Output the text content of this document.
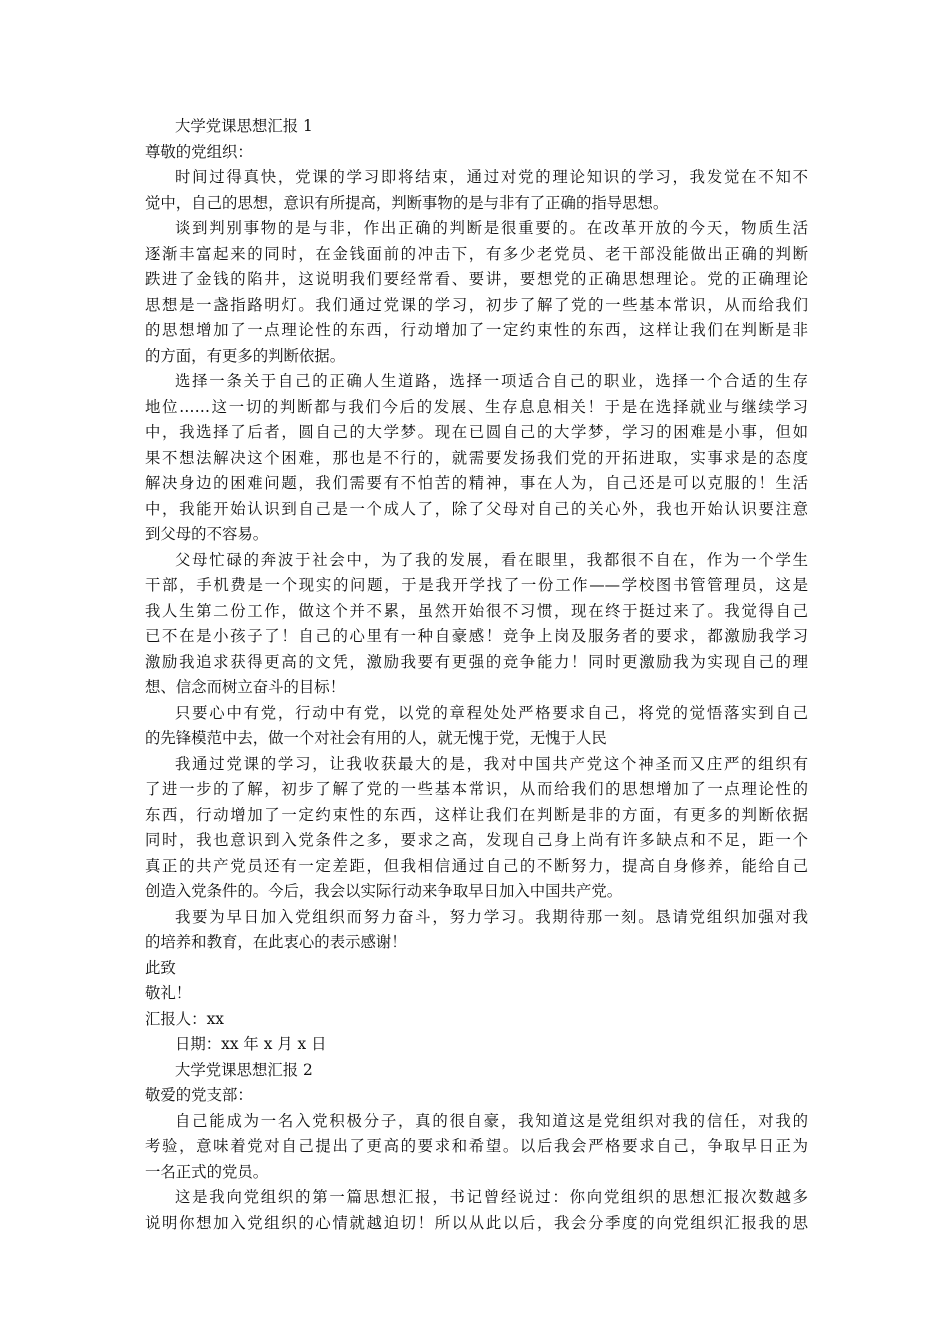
大学党课思想汇报 1
尊敬的党组织：
时间过得真快，党课的学习即将结束，通过对党的理论知识的学习，我发觉在不知不
觉中，自己的思想，意识有所提高，判断事物的是与非有了正确的指导思想。
谈到判别事物的是与非，作出正确的判断是很重要的。在改革开放的今天，物质生活
逐渐丰富起来的同时，在金钱面前的冲击下，有多少老党员、老干部没能做出正确的判断
跌进了金钱的陷井，这说明我们要经常看、要讲，要想党的正确思想理论。党的正确理论
思想是一盏指路明灯。我们通过党课的学习，初步了解了党的一些基本常识，从而给我们
的思想增加了一点理论性的东西，行动增加了一定约束性的东西，这样让我们在判断是非
的方面，有更多的判断依据。
选择一条关于自己的正确人生道路，选择一项适合自己的职业，选择一个合适的生存
地位……这一切的判断都与我们今后的发展、生存息息相关！于是在选择就业与继续学习
中，我选择了后者，圆自己的大学梦。现在已圆自己的大学梦，学习的困难是小事，但如
果不想法解决这个困难，那也是不行的，就需要发扬我们党的开拓进取，实事求是的态度
解决身边的困难问题，我们需要有不怕苦的精神，事在人为，自己还是可以克服的！生活
中，我能开始认识到自己是一个成人了，除了父母对自己的关心外，我也开始认识要注意
到父母的不容易。
父母忙碌的奔波于社会中，为了我的发展，看在眼里，我都很不自在，作为一个学生
干部，手机费是一个现实的问题，于是我开学找了一份工作——学校图书管管理员，这是
我人生第二份工作，做这个并不累，虽然开始很不习惯，现在终于挺过来了。我觉得自己
已不在是小孩子了！自己的心里有一种自豪感！竞争上岗及服务者的要求，都激励我学习
激励我追求获得更高的文凭，激励我要有更强的竞争能力！同时更激励我为实现自己的理
想、信念而树立奋斗的目标！
只要心中有党，行动中有党，以党的章程处处严格要求自己，将党的觉悟落实到自己
的先锋模范中去，做一个对社会有用的人，就无愧于党，无愧于人民
我通过党课的学习，让我收获最大的是，我对中国共产党这个神圣而又庄严的组织有
了进一步的了解，初步了解了党的一些基本常识，从而给我们的思想增加了一点理论性的
东西，行动增加了一定约束性的东西，这样让我们在判断是非的方面，有更多的判断依据
同时，我也意识到入党条件之多，要求之高，发现自己身上尚有许多缺点和不足，距一个
真正的共产党员还有一定差距，但我相信通过自己的不断努力，提高自身修养，能给自己
创造入党条件的。今后，我会以实际行动来争取早日加入中国共产党。
我要为早日加入党组织而努力奋斗，努力学习。我期待那一刻。恳请党组织加强对我
的培养和教育，在此衷心的表示感谢！
此致
敬礼！
汇报人：xx
日期：xx 年 x 月 x 日
大学党课思想汇报 2
敬爱的党支部：
自己能成为一名入党积极分子，真的很自豪，我知道这是党组织对我的信任，对我的
考验，意味着党对自己提出了更高的要求和希望。以后我会严格要求自己，争取早日正为
一名正式的党员。
这是我向党组织的第一篇思想汇报，书记曾经说过：你向党组织的思想汇报次数越多
说明你想加入党组织的心情就越迫切！所以从此以后，我会分季度的向党组织汇报我的思
